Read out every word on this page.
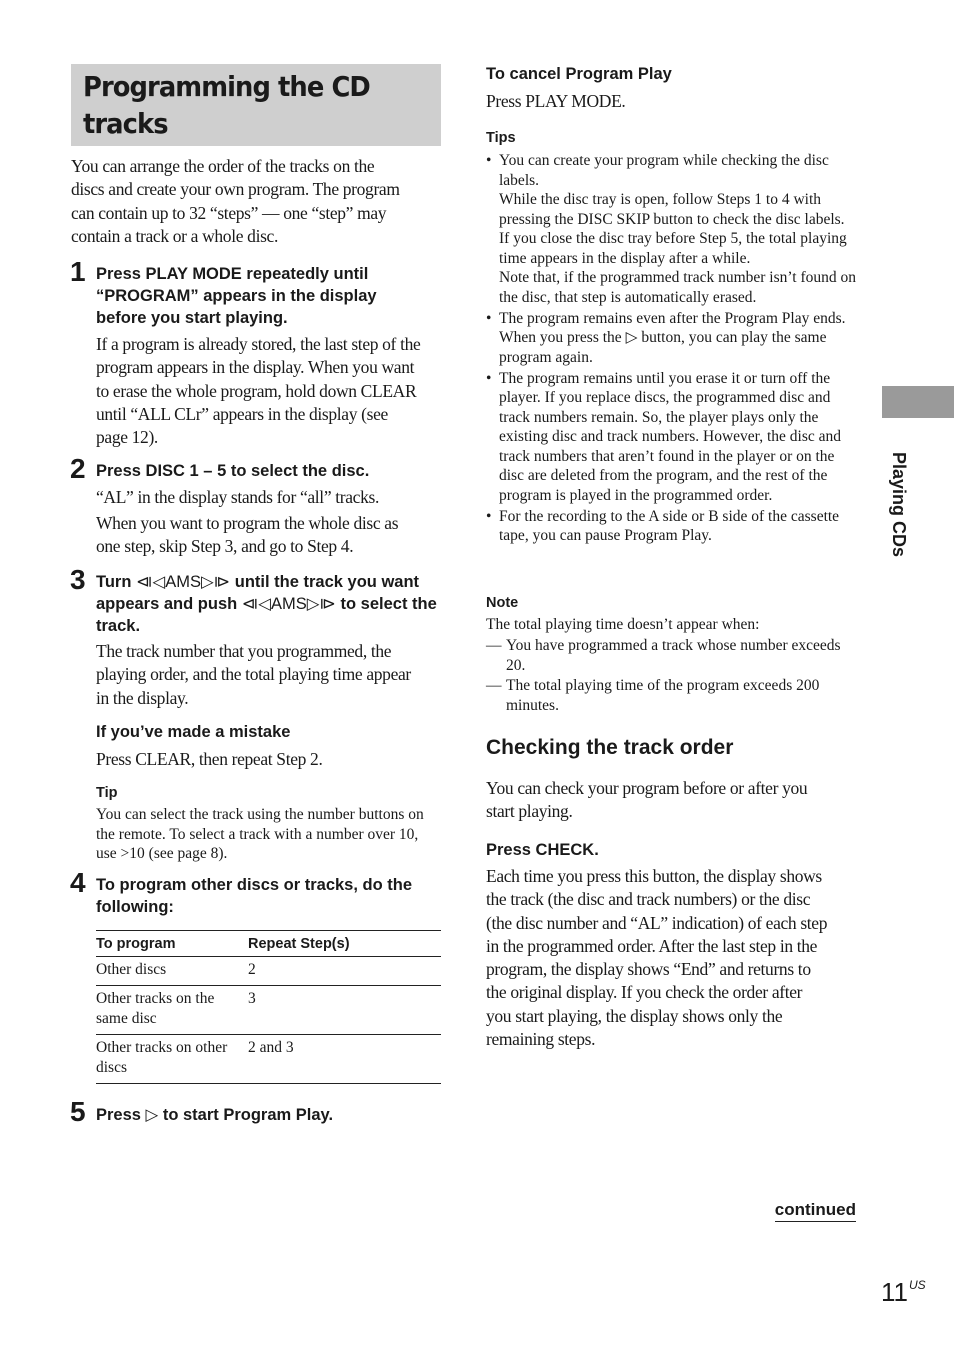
Programming the CD tracks

You can arrange the order of the tracks on the discs and create your own program. The program can contain up to 32 “steps” — one “step” may contain a track or a whole disc.

1 Press PLAY MODE repeatedly until “PROGRAM” appears in the display before you start playing.

If a program is already stored, the last step of the program appears in the display. When you want to erase the whole program, hold down CLEAR until “ALL CLr” appears in the display (see page 12).

2 Press DISC 1 – 5 to select the disc.

“AL” in the display stands for “all” tracks.

When you want to program the whole disc as one step, skip Step 3, and go to Step 4.

3 Turn ⧏◁AMS▷⧐ until the track you want appears and push ⧏◁AMS▷⧐ to select the track.

The track number that you programmed, the playing order, and the total playing time appear in the display.

If you’ve made a mistake

Press CLEAR, then repeat Step 2.

Tip

You can select the track using the number buttons on the remote. To select a track with a number over 10, use >10 (see page 8).

4 To program other discs or tracks, do the following:

To program	Repeat Step(s)
Other discs	2
Other tracks on the same disc	3
Other tracks on other discs	2 and 3
5 Press ▷ to start Program Play.

To cancel Program Play

Press PLAY MODE.

Tips

• You can create your program while checking the disc labels.
While the disc tray is open, follow Steps 1 to 4 with pressing the DISC SKIP button to check the disc labels. If you close the disc tray before Step 5, the total playing time appears in the display after a while.
Note that, if the programmed track number isn’t found on the disc, that step is automatically erased.
• The program remains even after the Program Play ends. When you press the ▷ button, you can play the same program again.
• The program remains until you erase it or turn off the player. If you replace discs, the programmed disc and track numbers remain. So, the player plays only the existing disc and track numbers. However, the disc and track numbers that aren’t found in the player or on the disc are deleted from the program, and the rest of the program is played in the programmed order.
• For the recording to the A side or B side of the cassette tape, you can pause Program Play.

Note

The total playing time doesn’t appear when:

— You have programmed a track whose number exceeds 20.
— The total playing time of the program exceeds 200 minutes.
Checking the track order

You can check your program before or after you start playing.

Press CHECK.

Each time you press this button, the display shows the track (the disc and track numbers) or the disc (the disc number and “AL” indication) of each step in the programmed order. After the last step in the program, the display shows “End” and returns to the original display. If you check the order after you start playing, the display shows only the remaining steps.

Playing CDs
continued
$11^{US}$
